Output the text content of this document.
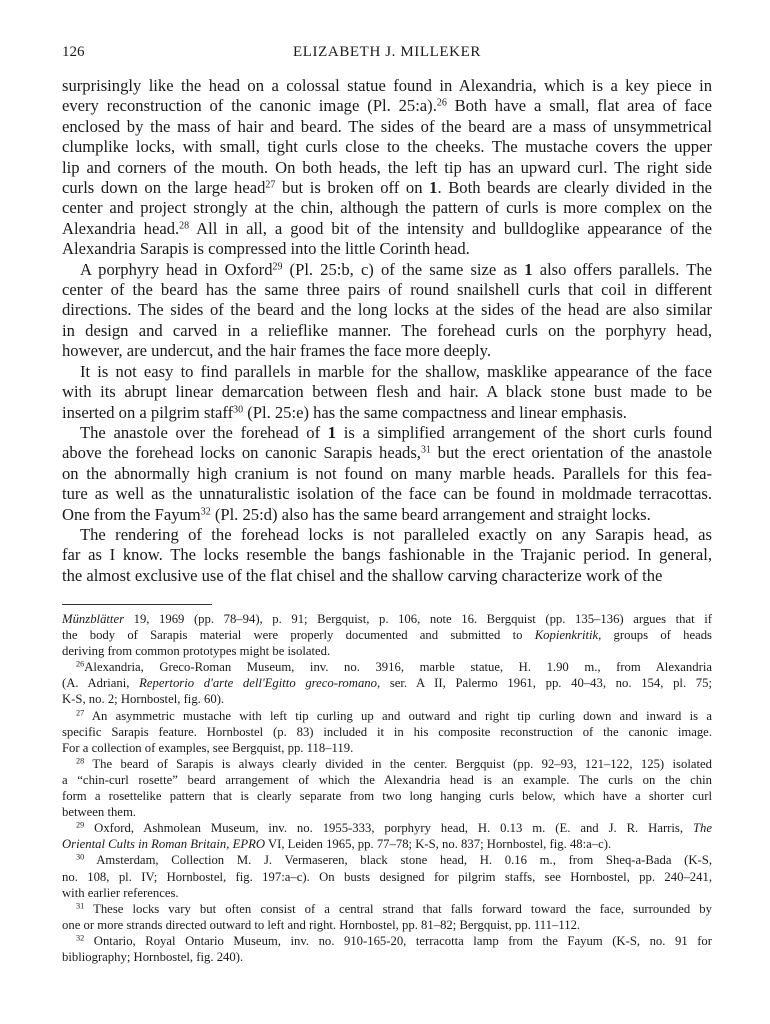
126	ELIZABETH J. MILLEKER

surprisingly like the head on a colossal statue found in Alexandria, which is a key piece in

every reconstruction of the canonic image (Pl. 25:a).$^{26}$ Both have a small, flat area of face

enclosed by the mass of hair and beard. The sides of the beard are a mass of unsymmetrical

clumplike locks, with small, tight curls close to the cheeks. The mustache covers the upper

lip and corners of the mouth. On both heads, the left tip has an upward curl. The right side

curls down on the large head$^{27}$ but is broken off on 1. Both beards are clearly divided in the

center and project strongly at the chin, although the pattern of curls is more complex on the

Alexandria head.$^{28}$ All in all, a good bit of the intensity and bulldoglike appearance of the

Alexandria Sarapis is compressed into the little Corinth head.

A porphyry head in Oxford$^{29}$ (Pl. 25:b, c) of the same size as 1 also offers parallels. The

center of the beard has the same three pairs of round snailshell curls that coil in different

directions. The sides of the beard and the long locks at the sides of the head are also similar

in design and carved in a relieflike manner. The forehead curls on the porphyry head,

however, are undercut, and the hair frames the face more deeply.

It is not easy to find parallels in marble for the shallow, masklike appearance of the face

with its abrupt linear demarcation between flesh and hair. A black stone bust made to be

inserted on a pilgrim staff$^{30}$ (Pl. 25:e) has the same compactness and linear emphasis.

The anastole over the forehead of 1 is a simplified arrangement of the short curls found

above the forehead locks on canonic Sarapis heads,$^{31}$ but the erect orientation of the anastole

on the abnormally high cranium is not found on many marble heads. Parallels for this fea-

ture as well as the unnaturalistic isolation of the face can be found in moldmade terracottas.

One from the Fayum$^{32}$ (Pl. 25:d) also has the same beard arrangement and straight locks.

The rendering of the forehead locks is not paralleled exactly on any Sarapis head, as

far as I know. The locks resemble the bangs fashionable in the Trajanic period. In general,

the almost exclusive use of the flat chisel and the shallow carving characterize work of the

Münzblätter 19, 1969 (pp. 78–94), p. 91; Bergquist, p. 106, note 16. Bergquist (pp. 135–136) argues that if

the body of Sarapis material were properly documented and submitted to Kopienkritik, groups of heads

deriving from common prototypes might be isolated.

$^{26}$Alexandria, Greco-Roman Museum, inv. no. 3916, marble statue, H. 1.90 m., from Alexandria

(A. Adriani, Repertorio d'arte dell'Egitto greco-romano, ser. A II, Palermo 1961, pp. 40–43, no. 154, pl. 75;

K-S, no. 2; Hornbostel, fig. 60).

$^{27}$ An asymmetric mustache with left tip curling up and outward and right tip curling down and inward is a

specific Sarapis feature. Hornbostel (p. 83) included it in his composite reconstruction of the canonic image.

For a collection of examples, see Bergquist, pp. 118–119.

$^{28}$ The beard of Sarapis is always clearly divided in the center. Bergquist (pp. 92–93, 121–122, 125) isolated

a “chin-curl rosette” beard arrangement of which the Alexandria head is an example. The curls on the chin

form a rosettelike pattern that is clearly separate from two long hanging curls below, which have a shorter curl

between them.

$^{29}$ Oxford, Ashmolean Museum, inv. no. 1955-333, porphyry head, H. 0.13 m. (E. and J. R. Harris, The

Oriental Cults in Roman Britain, EPRO VI, Leiden 1965, pp. 77–78; K-S, no. 837; Hornbostel, fig. 48:a–c).

$^{30}$ Amsterdam, Collection M. J. Vermaseren, black stone head, H. 0.16 m., from Sheq-a-Bada (K-S,

no. 108, pl. IV; Hornbostel, fig. 197:a–c). On busts designed for pilgrim staffs, see Hornbostel, pp. 240–241,

with earlier references.

$^{31}$ These locks vary but often consist of a central strand that falls forward toward the face, surrounded by

one or more strands directed outward to left and right. Hornbostel, pp. 81–82; Bergquist, pp. 111–112.

$^{32}$ Ontario, Royal Ontario Museum, inv. no. 910-165-20, terracotta lamp from the Fayum (K-S, no. 91 for

bibliography; Hornbostel, fig. 240).
